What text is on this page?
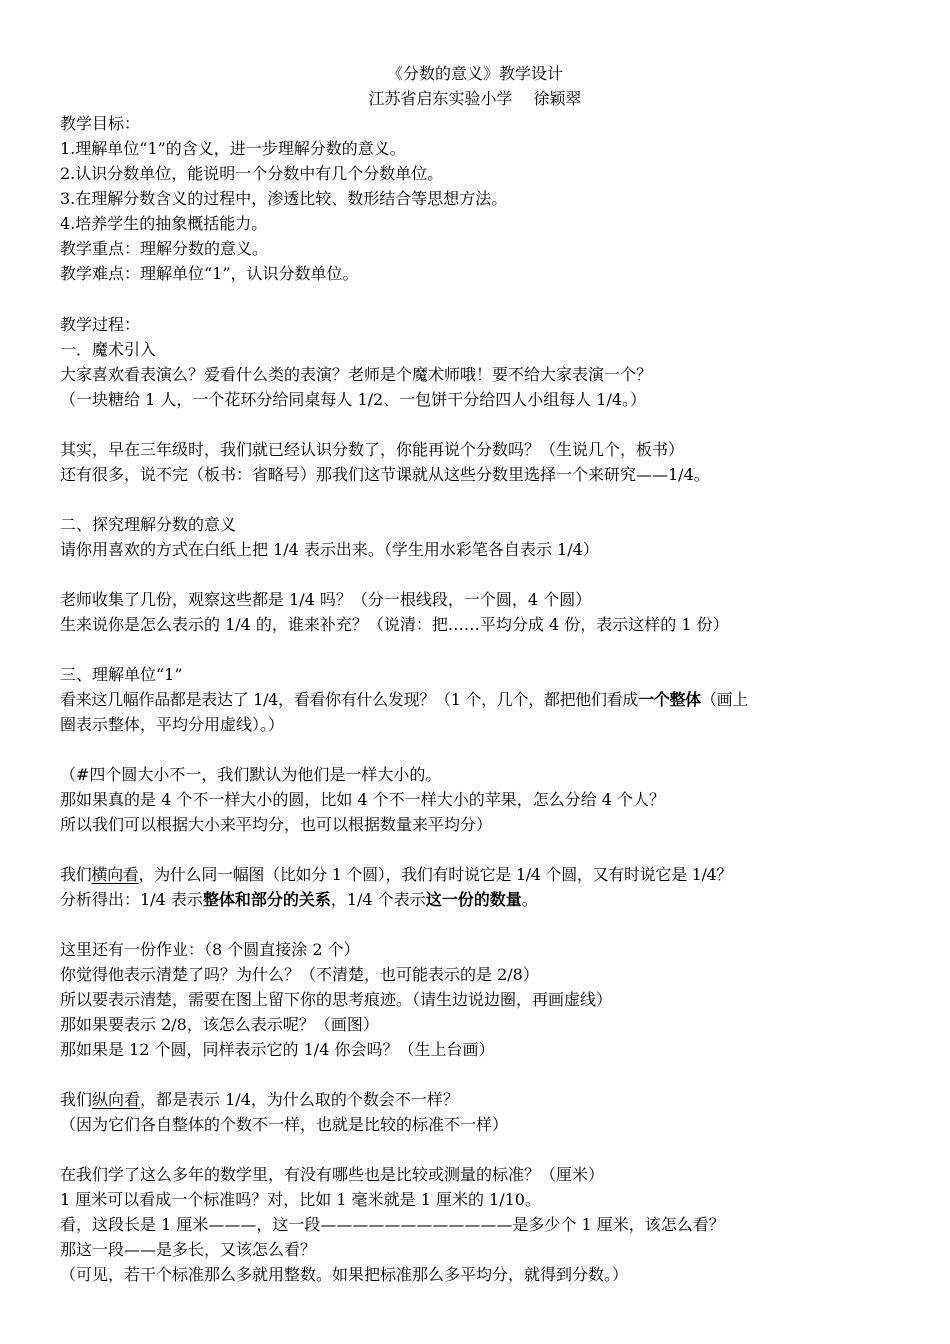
《分数的意义》教学设计
江苏省启东实验小学　 徐颖翠
教学目标：
1.理解单位“1”的含义，进一步理解分数的意义。
2.认识分数单位，能说明一个分数中有几个分数单位。
3.在理解分数含义的过程中，渗透比较、数形结合等思想方法。
4.培养学生的抽象概括能力。
教学重点：理解分数的意义。
教学难点：理解单位“1”，认识分数单位。
教学过程：
一．魔术引入
大家喜欢看表演么？爱看什么类的表演？老师是个魔术师哦！要不给大家表演一个？
（一块糖给 1 人，一个花环分给同桌每人 1/2、一包饼干分给四人小组每人 1/4。）
其实，早在三年级时，我们就已经认识分数了，你能再说个分数吗？（生说几个，板书）
还有很多，说不完（板书：省略号）那我们这节课就从这些分数里选择一个来研究——1/4。
二、探究理解分数的意义
请你用喜欢的方式在白纸上把 1/4 表示出来。（学生用水彩笔各自表示 1/4）
老师收集了几份，观察这些都是 1/4 吗？（分一根线段，一个圆，4 个圆）
生来说你是怎么表示的 1/4 的，谁来补充？（说清：把……平均分成 4 份，表示这样的 1 份）
三、理解单位“1”
看来这几幅作品都是表达了 1/4，看看你有什么发现？（1 个，几个，都把他们看成一个整体（画上
圈表示整体，平均分用虚线）。）
（#四个圆大小不一，我们默认为他们是一样大小的。
那如果真的是 4 个不一样大小的圆，比如 4 个不一样大小的苹果，怎么分给 4 个人？
所以我们可以根据大小来平均分，也可以根据数量来平均分）
我们横向看，为什么同一幅图（比如分 1 个圆），我们有时说它是 1/4 个圆，又有时说它是 1/4？
分析得出：1/4 表示整体和部分的关系，1/4 个表示这一份的数量。
这里还有一份作业：（8 个圆直接涂 2 个）
你觉得他表示清楚了吗？为什么？（不清楚，也可能表示的是 2/8）
所以要表示清楚，需要在图上留下你的思考痕迹。（请生边说边圈，再画虚线）
那如果要表示 2/8，该怎么表示呢？（画图）
那如果是 12 个圆，同样表示它的 1/4 你会吗？（生上台画）
我们纵向看，都是表示 1/4，为什么取的个数会不一样？
（因为它们各自整体的个数不一样，也就是比较的标准不一样）
在我们学了这么多年的数学里，有没有哪些也是比较或测量的标准？（厘米）
1 厘米可以看成一个标准吗？对，比如 1 毫米就是 1 厘米的 1/10。
看，这段长是 1 厘米———，这一段————————————是多少个 1 厘米，该怎么看？
那这一段——是多长，又该怎么看？
（可见，若干个标准那么多就用整数。如果把标准那么多平均分，就得到分数。）
